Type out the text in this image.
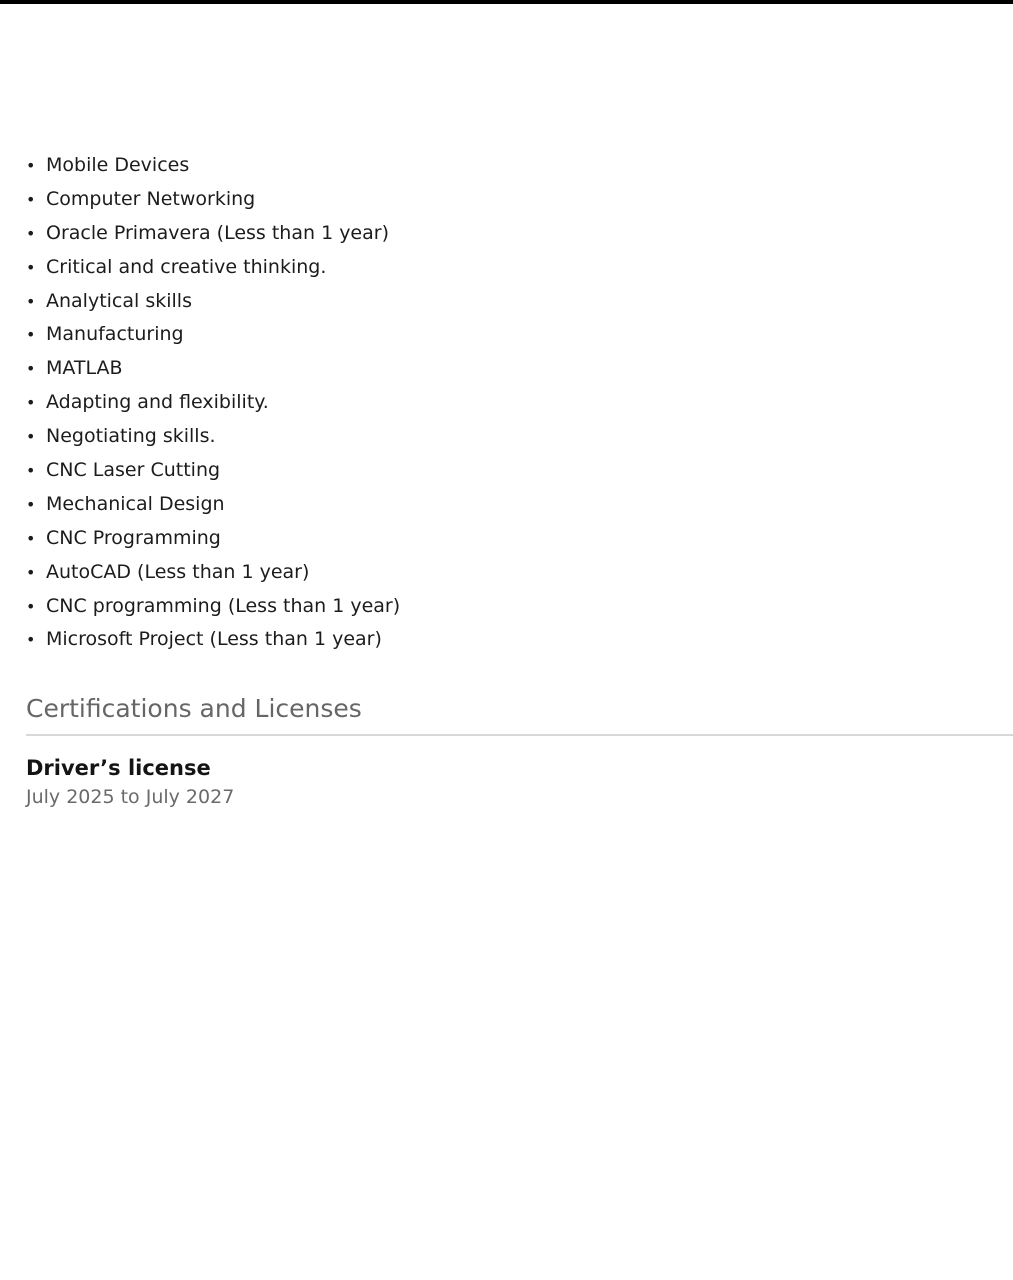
• Mobile Devices
• Computer Networking
• Oracle Primavera (Less than 1 year)
• Critical and creative thinking.
• Analytical skills
• Manufacturing
• MATLAB
• Adapting and flexibility.
• Negotiating skills.
• CNC Laser Cutting
• Mechanical Design
• CNC Programming
• AutoCAD (Less than 1 year)
• CNC programming (Less than 1 year)
• Microsoft Project (Less than 1 year)
Certifications and Licenses
Driver’s license
July 2025 to July 2027
